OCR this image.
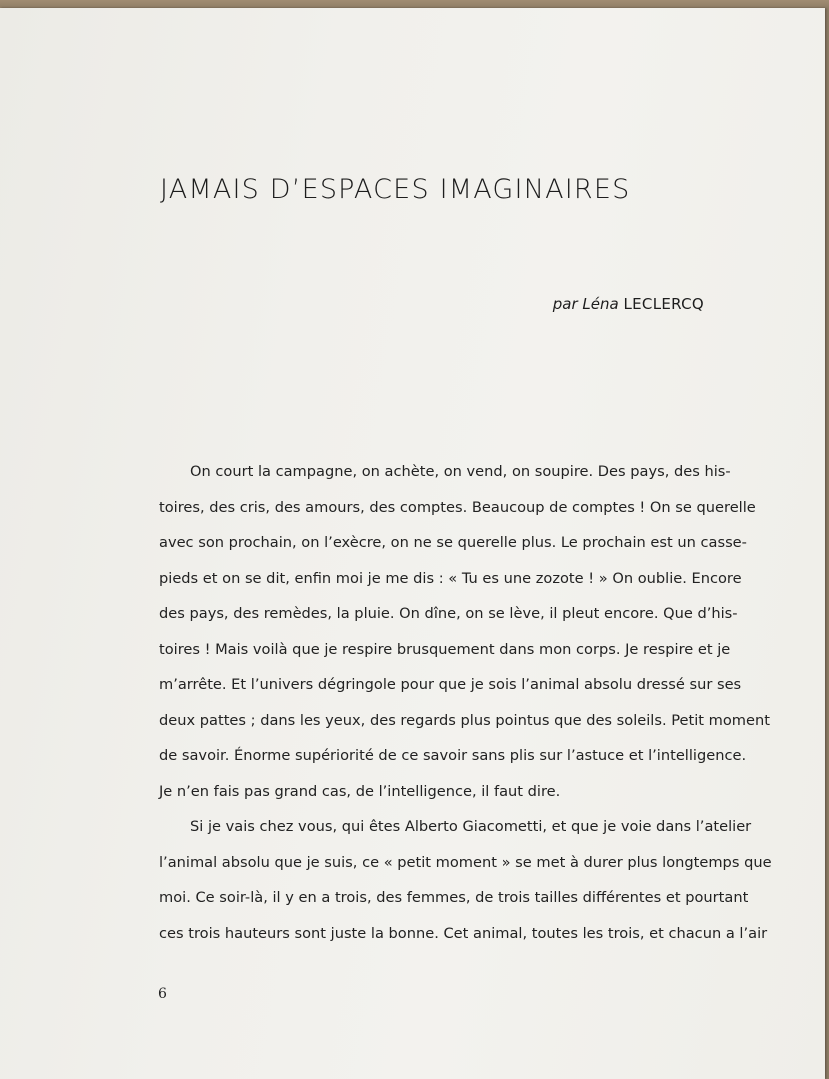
JAMAIS D’ESPACES IMAGINAIRES

par Léna LECLERCQ

On court la campagne, on achète, on vend, on soupire. Des pays, des his-
toires, des cris, des amours, des comptes. Beaucoup de comptes ! On se querelle
avec son prochain, on l’exècre, on ne se querelle plus. Le prochain est un casse-
pieds et on se dit, enfin moi je me dis : « Tu es une zozote ! » On oublie. Encore
des pays, des remèdes, la pluie. On dîne, on se lève, il pleut encore. Que d’his-
toires ! Mais voilà que je respire brusquement dans mon corps. Je respire et je
m’arrête. Et l’univers dégringole pour que je sois l’animal absolu dressé sur ses
deux pattes ; dans les yeux, des regards plus pointus que des soleils. Petit moment
de savoir. Énorme supériorité de ce savoir sans plis sur l’astuce et l’intelligence.
Je n’en fais pas grand cas, de l’intelligence, il faut dire.
Si je vais chez vous, qui êtes Alberto Giacometti, et que je voie dans l’atelier
l’animal absolu que je suis, ce « petit moment » se met à durer plus longtemps que
moi. Ce soir-là, il y en a trois, des femmes, de trois tailles différentes et pourtant
ces trois hauteurs sont juste la bonne. Cet animal, toutes les trois, et chacun a l’air

6
